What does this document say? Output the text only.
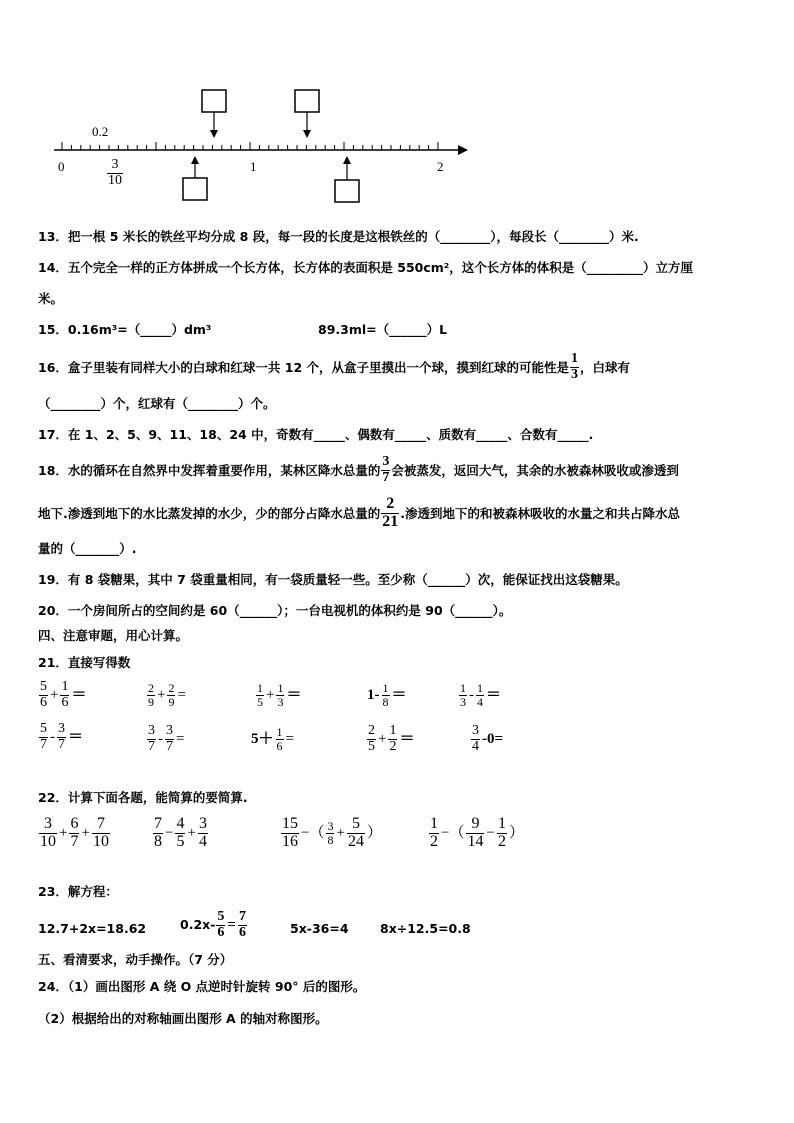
0.2
0	1	2
$\frac{3}{10}$
13．把一根 5 米长的铁丝平均分成 8 段，每一段的长度是这根铁丝的（________），每段长（________）米.
14．五个完全一样的正方体拼成一个长方体，长方体的表面积是 550cm²，这个长方体的体积是（_________）立方厘
米。
15．0.16m³=（_____）dm³	89.3ml=（______）L
16．盒子里装有同样大小的白球和红球一共 12 个，从盒子里摸出一个球，摸到红球的可能性是 $\frac{1}{3}$ ，白球有
（________）个，红球有（________）个。
17．在 1、2、5、9、11、18、24 中，奇数有_____、偶数有_____、质数有_____、合数有_____.
18．水的循环在自然界中发挥着重要作用，某林区降水总量的 $\frac{3}{7}$ 会被蒸发，返回大气，其余的水被森林吸收或渗透到
地下.渗透到地下的水比蒸发掉的水少，少的部分占降水总量的 $\frac{2}{21}$ .渗透到地下的和被森林吸收的水量之和共占降水总
量的（_______）.
19．有 8 袋糖果，其中 7 袋重量相同，有一袋质量轻一些。至少称（______）次，能保证找出这袋糖果。
20．一个房间所占的空间约是 60（______）；一台电视机的体积约是 90（______）。
四、注意审题，用心计算。
21．直接写得数
$\frac{5}{6} + \frac{1}{6}$ ＝	$\frac{2}{9} + \frac{2}{9}$ =	$\frac{1}{5} + \frac{1}{3}$ ＝	$1- \frac{1}{8}$ ＝	$\frac{1}{3} - \frac{1}{4}$ ＝
$\frac{5}{7} - \frac{3}{7}$ ＝	$\frac{3}{7} - \frac{3}{7}$ =	$5+ \frac{1}{6}$ =	$\frac{2}{5} + \frac{1}{2}$ ＝	$\frac{3}{4} -0=$
22．计算下面各题，能简算的要简算.
$\frac{3}{10} + \frac{6}{7} + \frac{7}{10}$	$\frac{7}{8} - \frac{4}{5} + \frac{3}{4}$	$\frac{15}{16}$ −（ $\frac{3}{8} + \frac{5}{24}$ ）	$\frac{1}{2}$ −（ $\frac{9}{14} - \frac{1}{2}$ ）
23．解方程：
12.7+2x=18.62	$0.2x- \frac{5}{6} = \frac{7}{6}$	5x-36=4	8x÷12.5=0.8
五、看清要求，动手操作。（7 分）
24．（1）画出图形 A 绕 O 点逆时针旋转 90° 后的图形。
（2）根据给出的对称轴画出图形 A 的轴对称图形。
